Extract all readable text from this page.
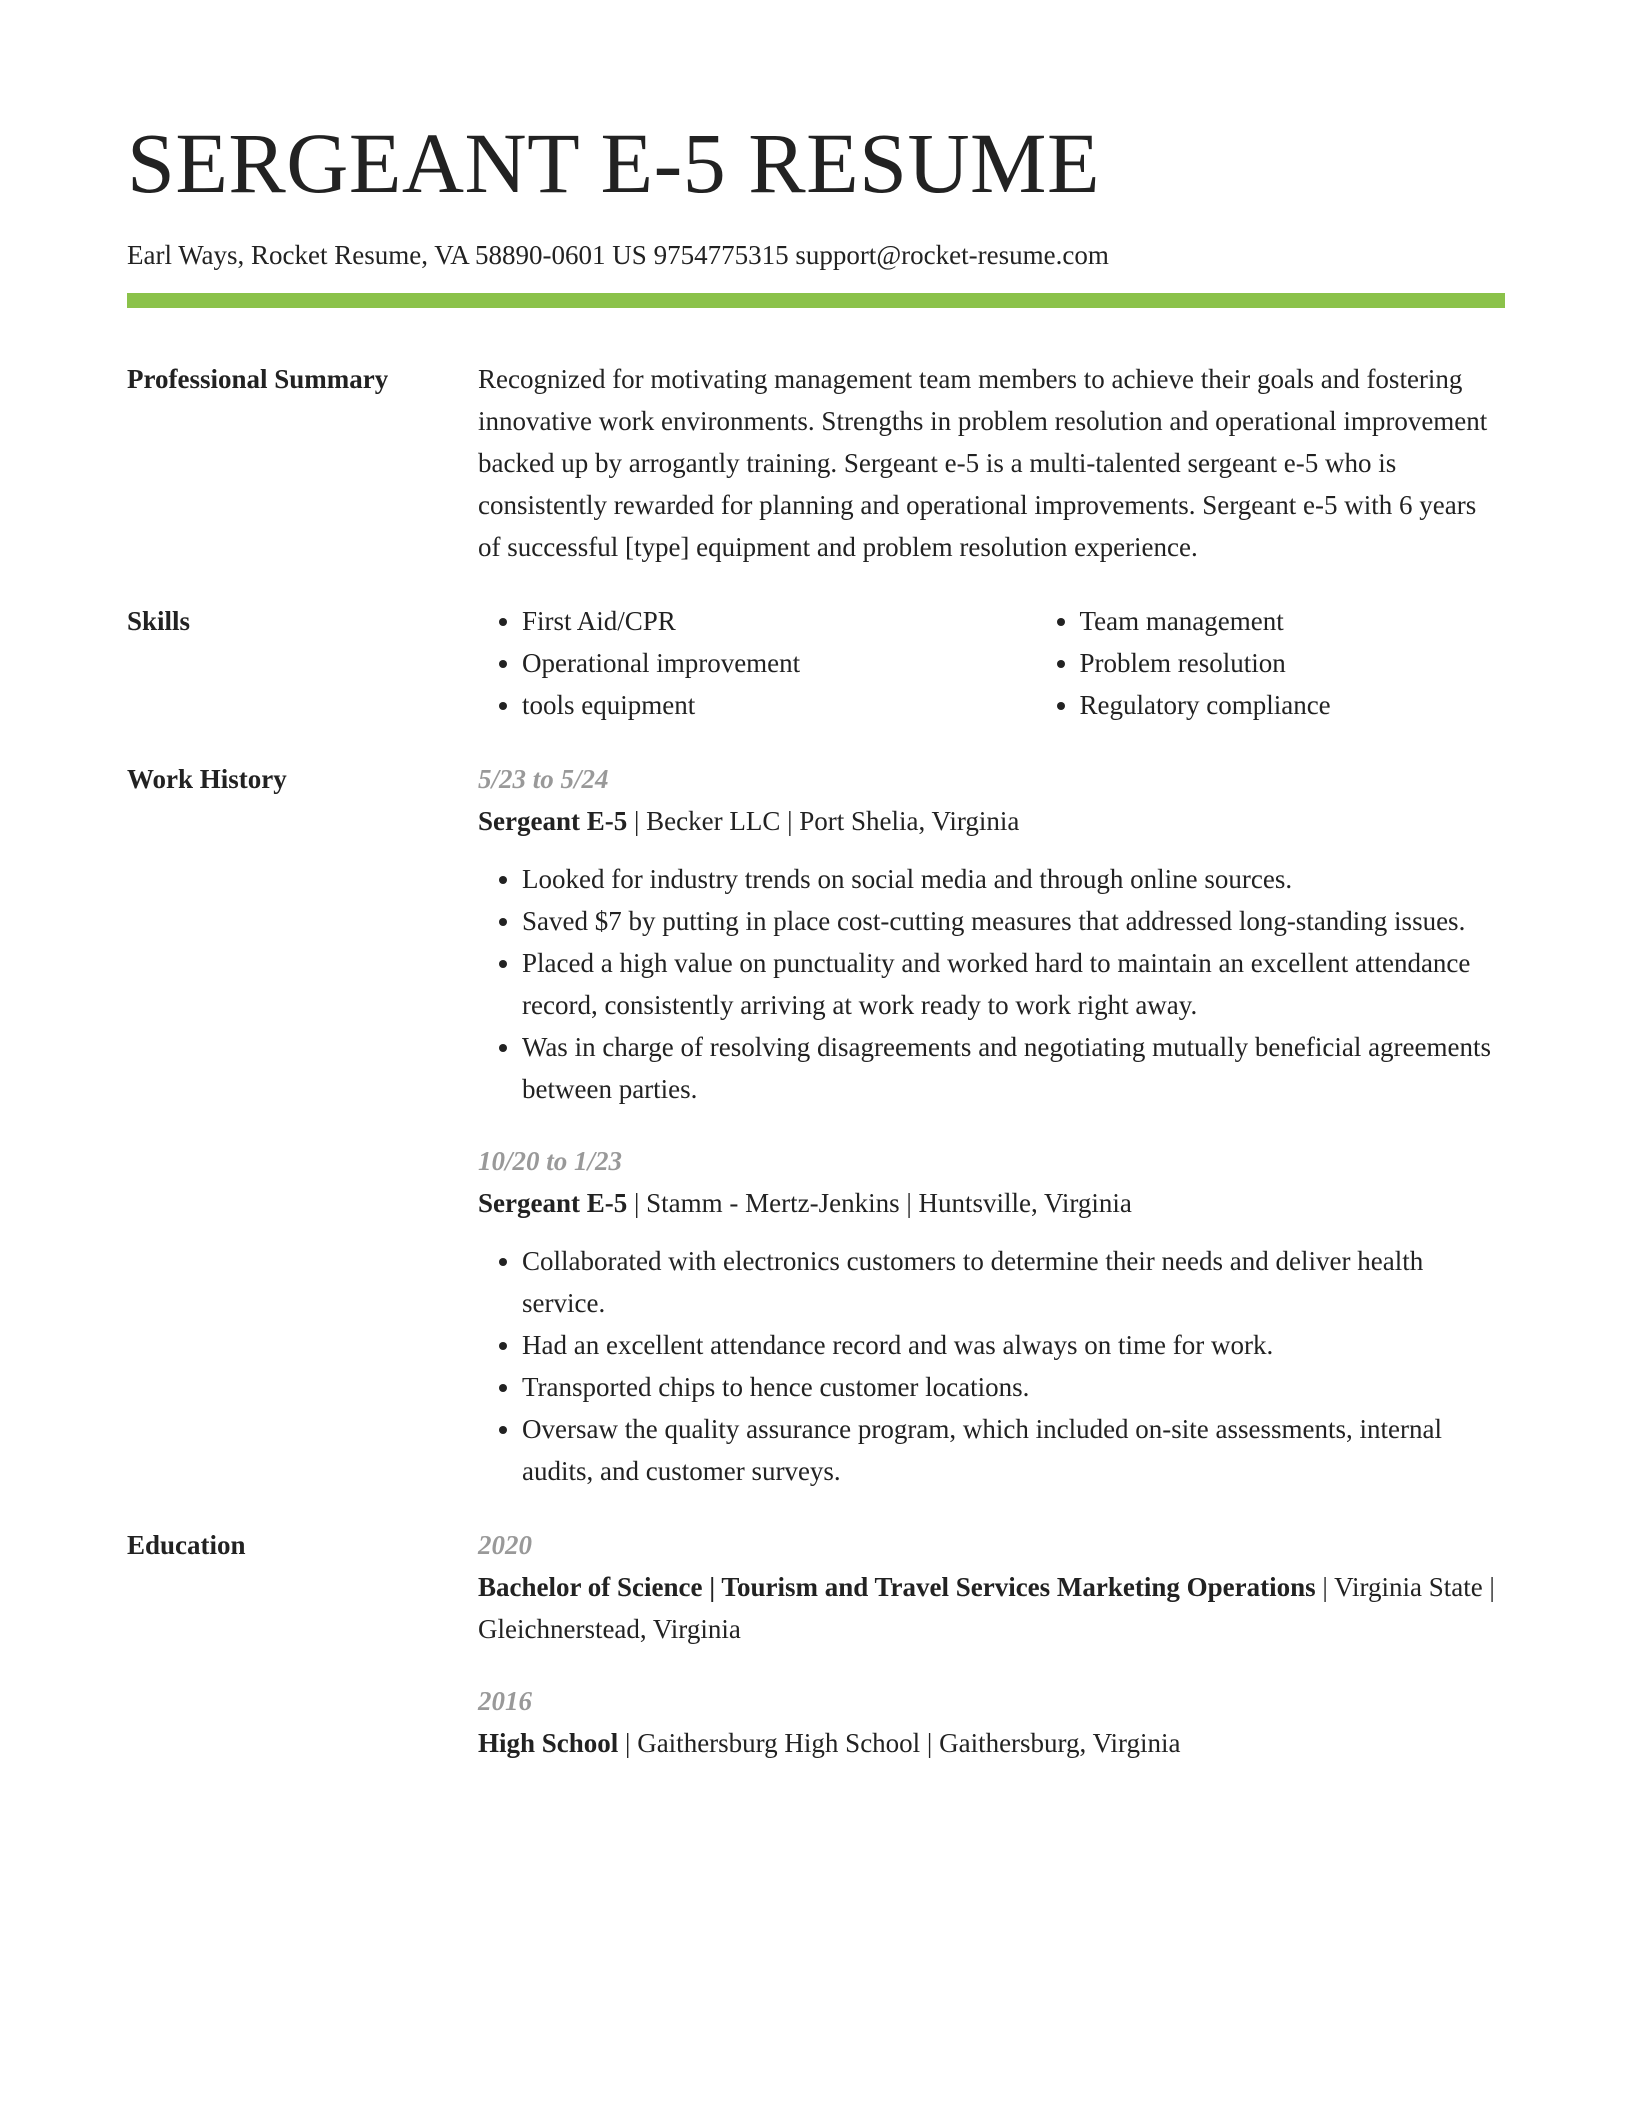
SERGEANT E-5 RESUME
Earl Ways, Rocket Resume, VA 58890-0601 US 9754775315 support@rocket-resume.com
Professional Summary	Recognized for motivating management team members to achieve their goals and fostering innovative work environments. Strengths in problem resolution and operational improvement backed up by arrogantly training. Sergeant e-5 is a multi-talented sergeant e-5 who is consistently rewarded for planning and operational improvements. Sergeant e-5 with 6 years of successful [type] equipment and problem resolution experience.
Skills
•	First Aid/CPR
• Operational improvement
• tools equipment
• Team management
• Problem resolution
• Regulatory compliance
Work History	5/23 to 5/24
Sergeant E-5 | Becker LLC | Port Shelia, Virginia
• Looked for industry trends on social media and through online sources.
• Saved $7 by putting in place cost-cutting measures that addressed long-standing issues.
• Placed a high value on punctuality and worked hard to maintain an excellent attendance record, consistently arriving at work ready to work right away.
• Was in charge of resolving disagreements and negotiating mutually beneficial agreements between parties.
10/20 to 1/23
Sergeant E-5 | Stamm - Mertz-Jenkins | Huntsville, Virginia
• Collaborated with electronics customers to determine their needs and deliver health service.
• Had an excellent attendance record and was always on time for work.
• Transported chips to hence customer locations.
• Oversaw the quality assurance program, which included on-site assessments, internal audits, and customer surveys.
Education	2020
Bachelor of Science | Tourism and Travel Services Marketing Operations | Virginia State | Gleichnerstead, Virginia
2016
High School | Gaithersburg High School | Gaithersburg, Virginia
